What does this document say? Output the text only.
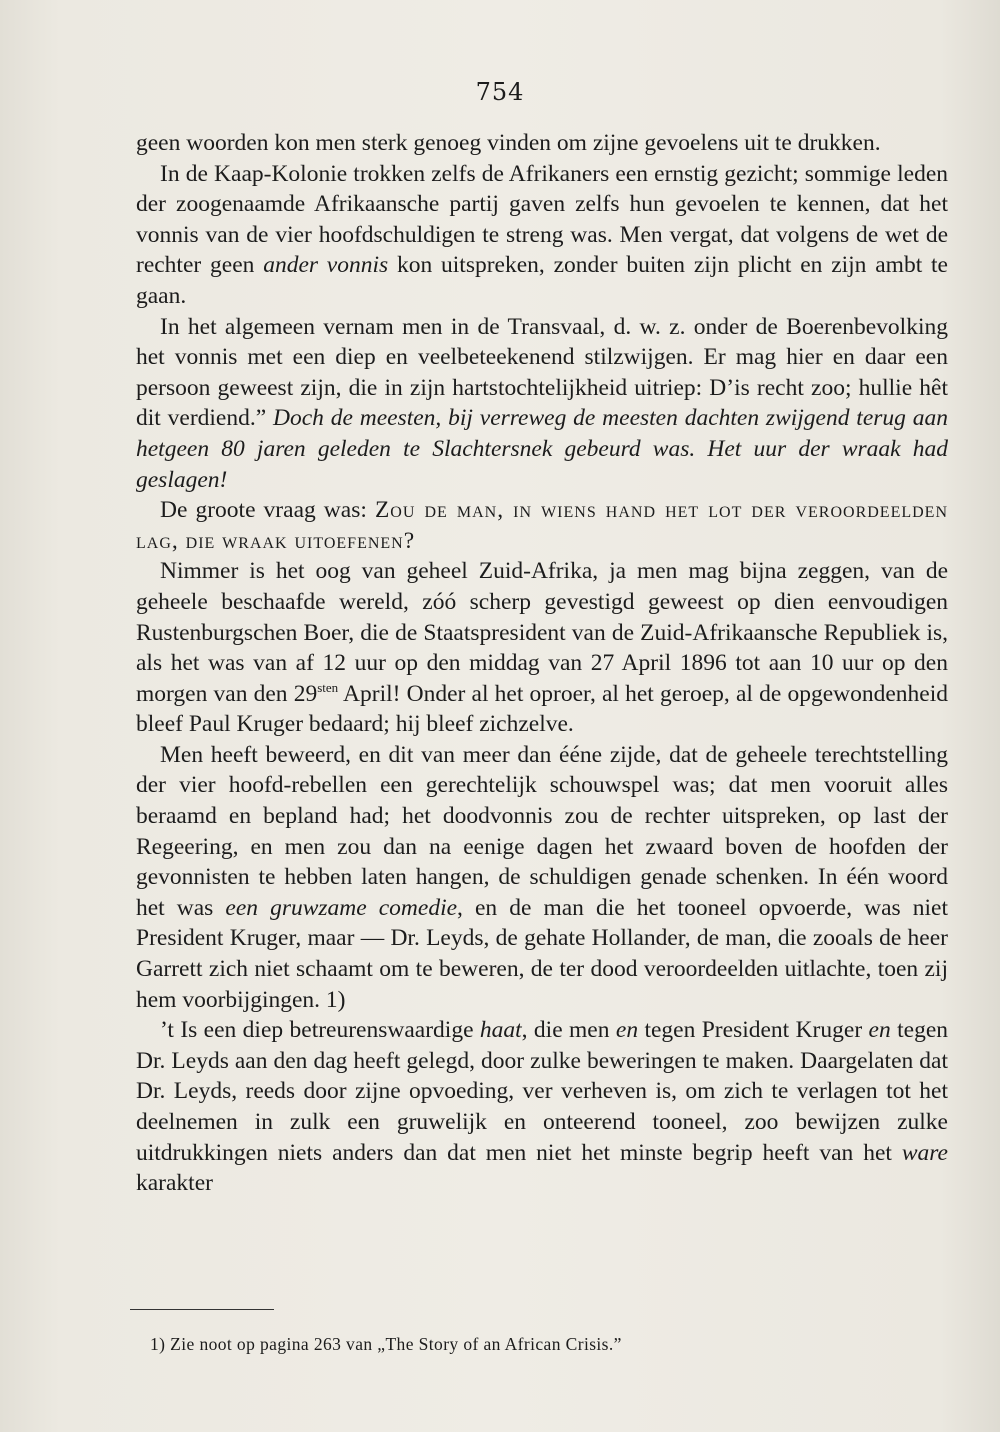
754

geen woorden kon men sterk genoeg vinden om zijne gevoelens uit te drukken.

In de Kaap-Kolonie trokken zelfs de Afrikaners een ernstig gezicht; sommige leden der zoogenaamde Afrikaansche partij gaven zelfs hun gevoelen te kennen, dat het vonnis van de vier hoofdschuldigen te streng was. Men vergat, dat volgens de wet de rechter geen ander vonnis kon uitspreken, zonder buiten zijn plicht en zijn ambt te gaan.

In het algemeen vernam men in de Transvaal, d. w. z. onder de Boerenbevolking het vonnis met een diep en veelbeteekenend stilzwijgen. Er mag hier en daar een persoon geweest zijn, die in zijn hartstochtelijkheid uitriep: D’is recht zoo; hullie hêt dit verdiend.” Doch de meesten, bij verreweg de meesten dachten zwijgend terug aan hetgeen 80 jaren geleden te Slachtersnek gebeurd was. Het uur der wraak had geslagen!

De groote vraag was: Zou de man, in wiens hand het lot der veroordeelden lag, die wraak uitoefenen?

Nimmer is het oog van geheel Zuid-Afrika, ja men mag bijna zeggen, van de geheele beschaafde wereld, zóó scherp gevestigd geweest op dien eenvoudigen Rustenburgschen Boer, die de Staatspresident van de Zuid-Afrikaansche Republiek is, als het was van af 12 uur op den middag van 27 April 1896 tot aan 10 uur op den morgen van den $29^{sten}$ April! Onder al het oproer, al het geroep, al de opgewondenheid bleef Paul Kruger bedaard; hij bleef zichzelve.

Men heeft beweerd, en dit van meer dan ééne zijde, dat de geheele terechtstelling der vier hoofd-rebellen een gerechtelijk schouwspel was; dat men vooruit alles beraamd en bepland had; het doodvonnis zou de rechter uitspreken, op last der Regeering, en men zou dan na eenige dagen het zwaard boven de hoofden der gevonnisten te hebben laten hangen, de schuldigen genade schenken. In één woord het was een gruwzame comedie, en de man die het tooneel opvoerde, was niet President Kruger, maar — Dr. Leyds, de gehate Hollander, de man, die zooals de heer Garrett zich niet schaamt om te beweren, de ter dood veroordeelden uitlachte, toen zij hem voorbijgingen. 1)

’t Is een diep betreurenswaardige haat, die men en tegen President Kruger en tegen Dr. Leyds aan den dag heeft gelegd, door zulke beweringen te maken. Daargelaten dat Dr. Leyds, reeds door zijne opvoeding, ver verheven is, om zich te verlagen tot het deelnemen in zulk een gruwelijk en onteerend tooneel, zoo bewijzen zulke uitdrukkingen niets anders dan dat men niet het minste begrip heeft van het ware karakter

1) Zie noot op pagina 263 van „The Story of an African Crisis.”
